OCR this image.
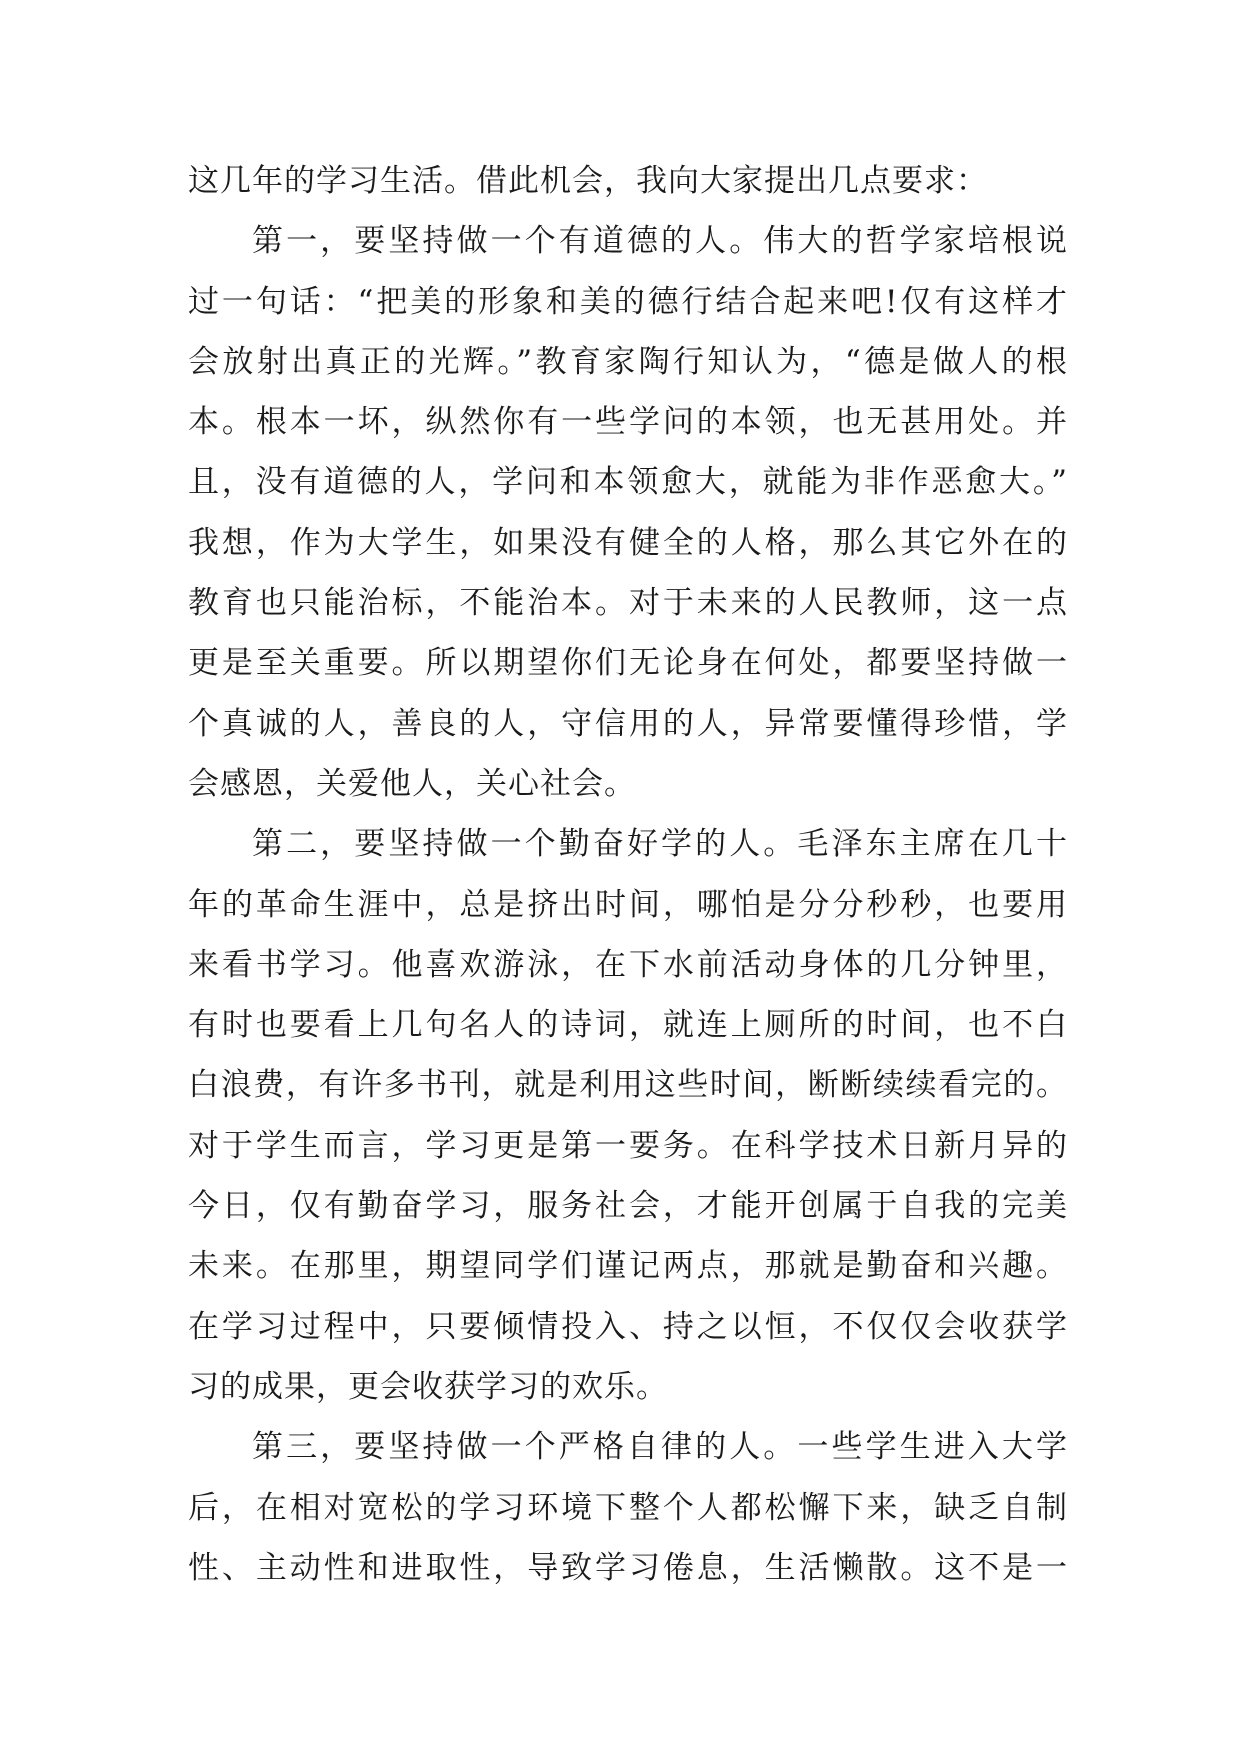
这几年的学习生活。借此机会，我向大家提出几点要求：
第一，要坚持做一个有道德的人。伟大的哲学家培根说
过一句话：“把美的形象和美的德行结合起来吧!仅有这样才
会放射出真正的光辉。”教育家陶行知认为，“德是做人的根
本。根本一坏，纵然你有一些学问的本领，也无甚用处。并
且，没有道德的人，学问和本领愈大，就能为非作恶愈大。”
我想，作为大学生，如果没有健全的人格，那么其它外在的
教育也只能治标，不能治本。对于未来的人民教师，这一点
更是至关重要。所以期望你们无论身在何处，都要坚持做一
个真诚的人，善良的人，守信用的人，异常要懂得珍惜，学
会感恩，关爱他人，关心社会。
第二，要坚持做一个勤奋好学的人。毛泽东主席在几十
年的革命生涯中，总是挤出时间，哪怕是分分秒秒，也要用
来看书学习。他喜欢游泳，在下水前活动身体的几分钟里，
有时也要看上几句名人的诗词，就连上厕所的时间，也不白
白浪费，有许多书刊，就是利用这些时间，断断续续看完的。
对于学生而言，学习更是第一要务。在科学技术日新月异的
今日，仅有勤奋学习，服务社会，才能开创属于自我的完美
未来。在那里，期望同学们谨记两点，那就是勤奋和兴趣。
在学习过程中，只要倾情投入、持之以恒，不仅仅会收获学
习的成果，更会收获学习的欢乐。
第三，要坚持做一个严格自律的人。一些学生进入大学
后，在相对宽松的学习环境下整个人都松懈下来，缺乏自制
性、主动性和进取性，导致学习倦息，生活懒散。这不是一
